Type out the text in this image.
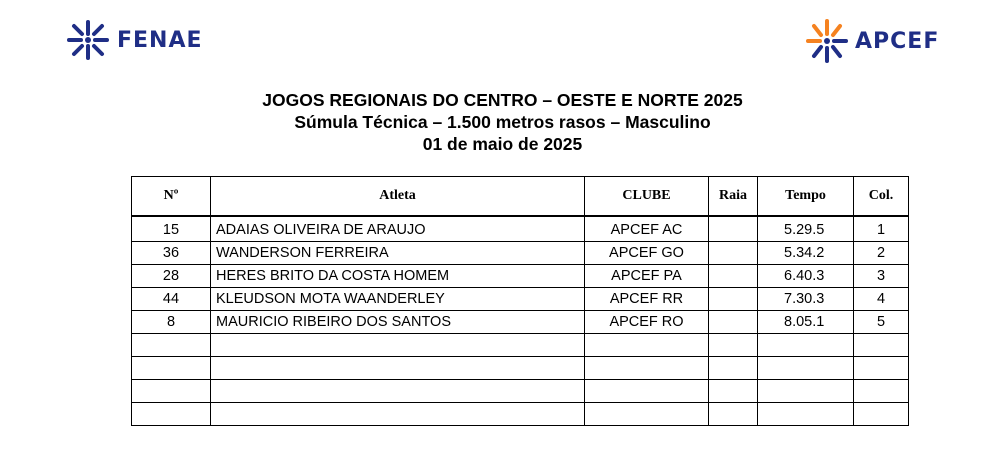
FENAE	APCEF
JOGOS REGIONAIS DO CENTRO – OESTE E NORTE 2025
Súmula Técnica – 1.500 metros rasos – Masculino
01 de maio de 2025
Nº	Atleta	CLUBE	Raia	Tempo	Col.
15	ADAIAS OLIVEIRA DE ARAUJO	APCEF AC		5.29.5	1
36	WANDERSON FERREIRA	APCEF GO		5.34.2	2
28	HERES BRITO DA COSTA HOMEM	APCEF PA		6.40.3	3
44	KLEUDSON MOTA WAANDERLEY	APCEF RR		7.30.3	4
8	MAURICIO RIBEIRO DOS SANTOS	APCEF RO		8.05.1	5
